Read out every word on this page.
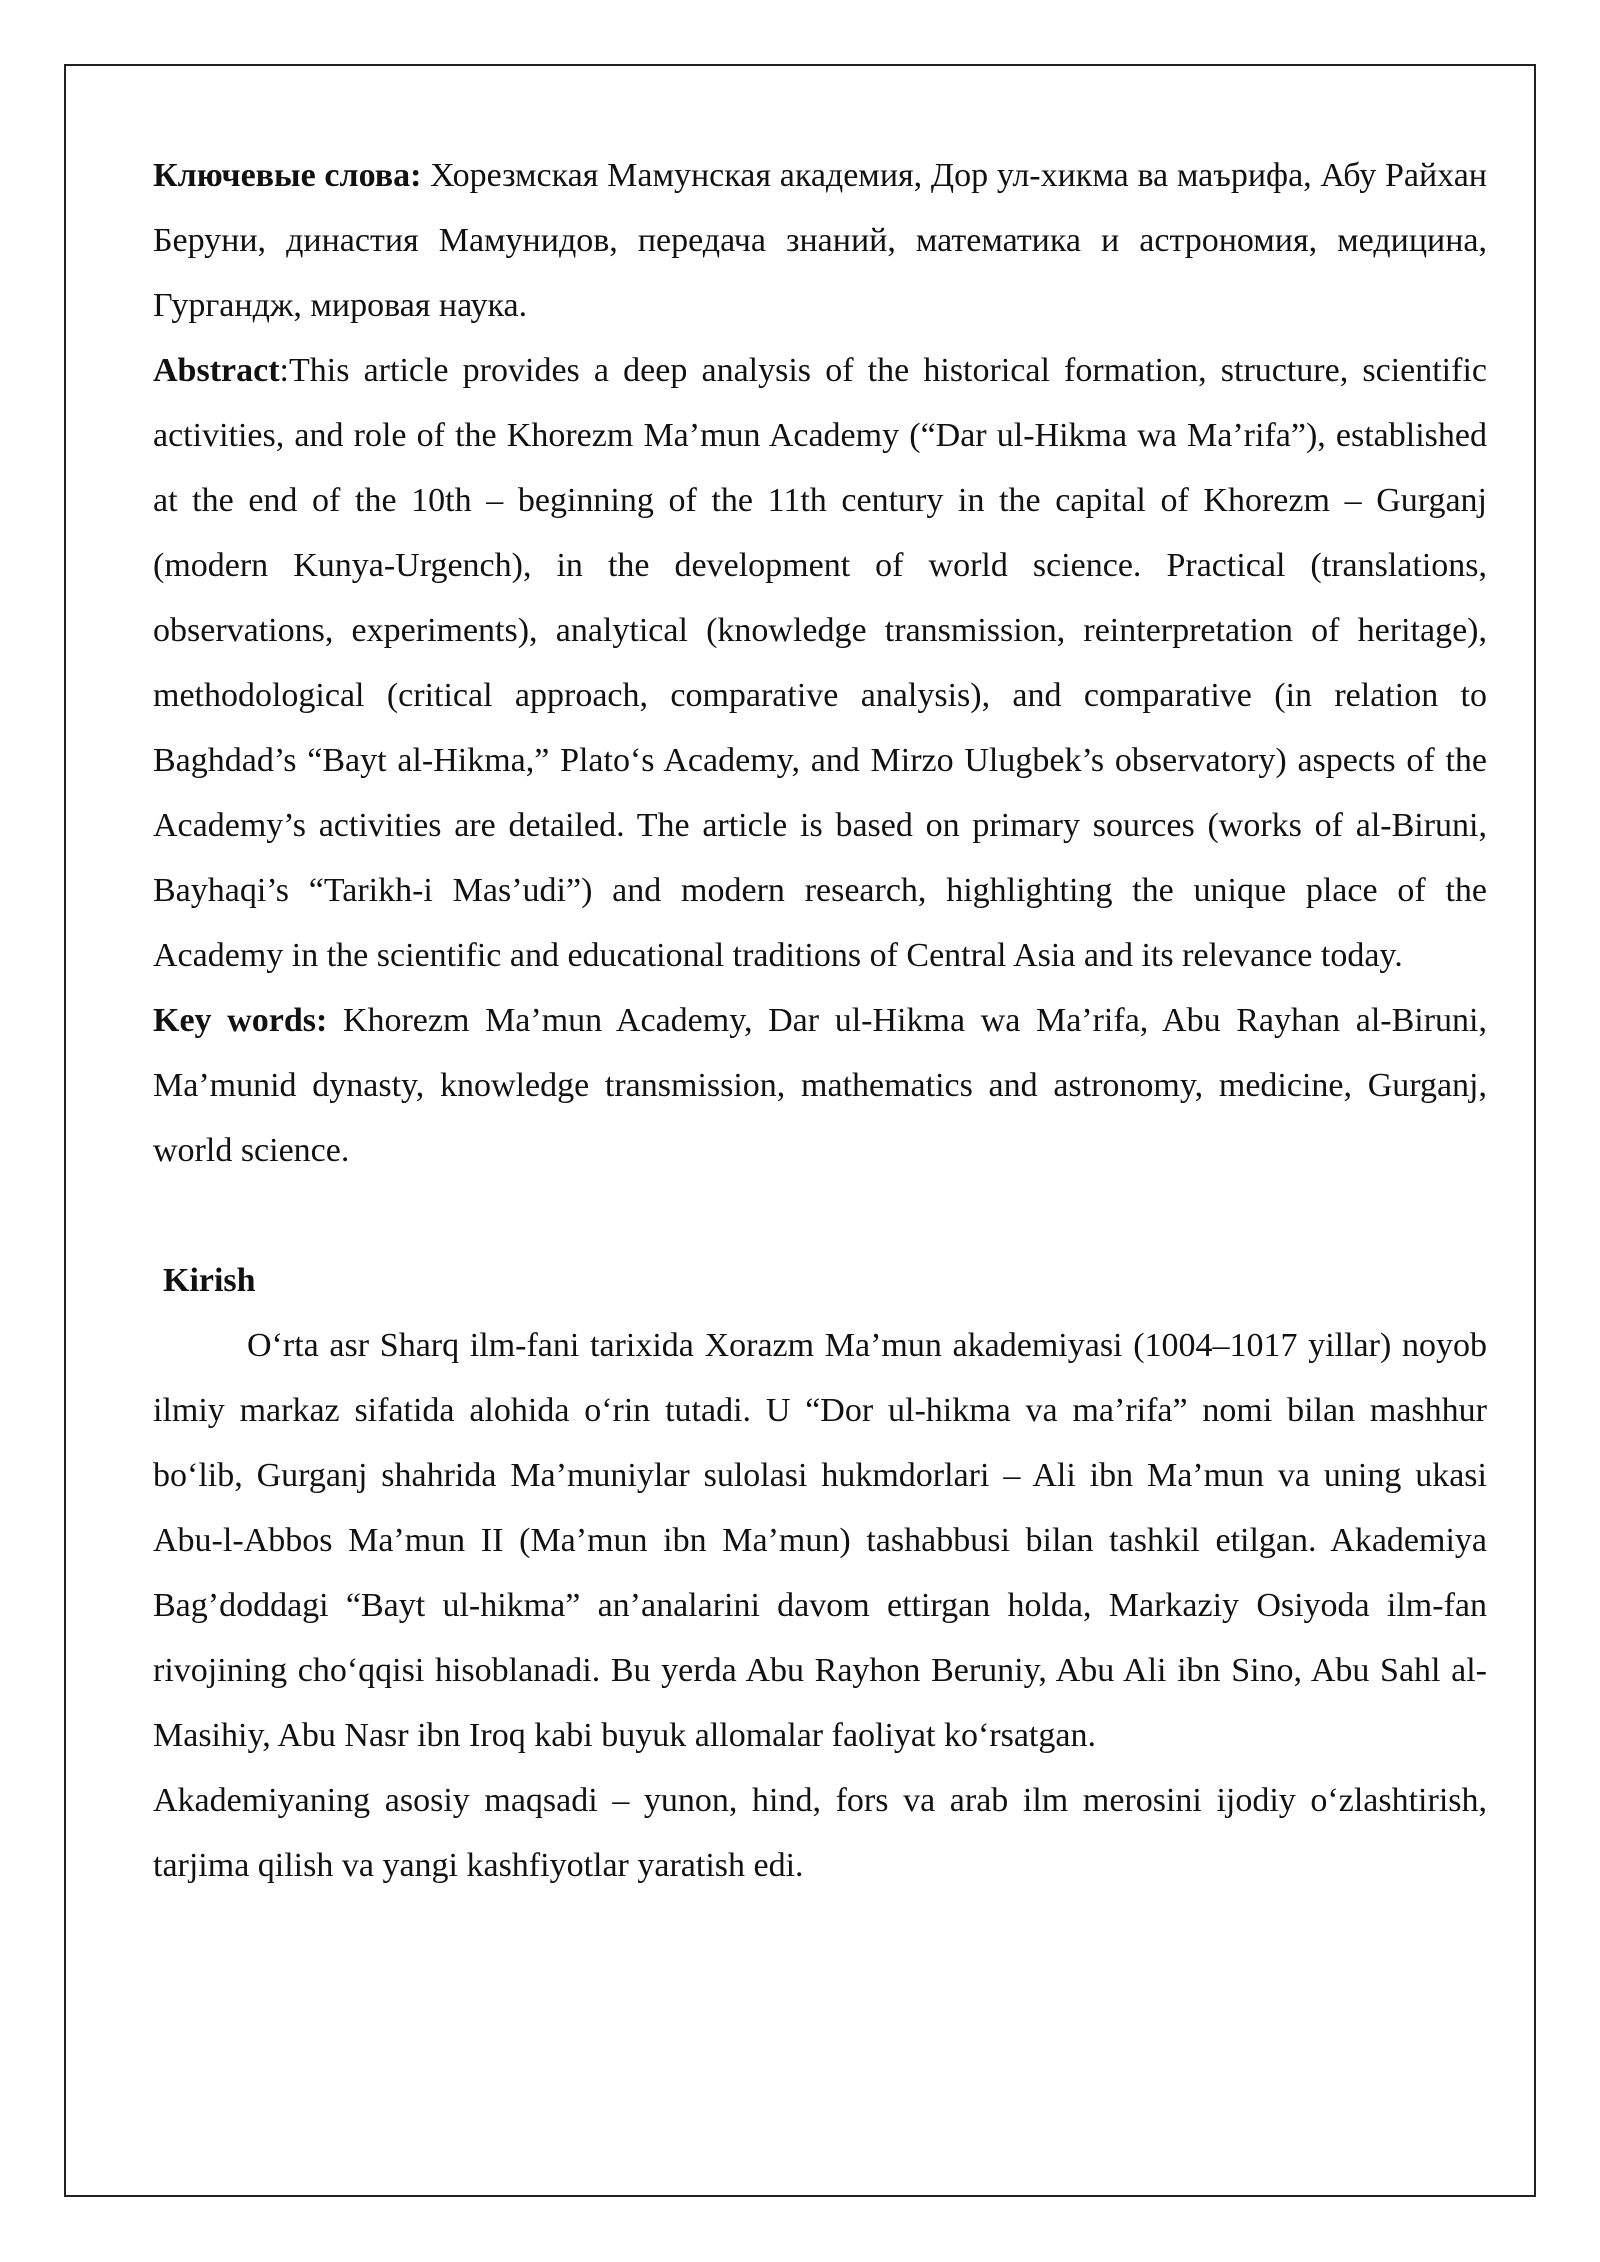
Ключевые слова: Хорезмская Мамунская академия, Дор ул-хикма ва маърифа, Абу Райхан Беруни, династия Мамунидов, передача знаний, математика и астрономия, медицина, Гургандж, мировая наука.

Abstract:This article provides a deep analysis of the historical formation, structure, scientific activities, and role of the Khorezm Ma’mun Academy (“Dar ul-Hikma wa Ma’rifa”), established at the end of the 10th – beginning of the 11th century in the capital of Khorezm – Gurganj (modern Kunya-Urgench), in the development of world science. Practical (translations, observations, experiments), analytical (knowledge transmission, reinterpretation of heritage), methodological (critical approach, comparative analysis), and comparative (in relation to Baghdad’s “Bayt al-Hikma,” Plato‘s Academy, and Mirzo Ulugbek’s observatory) aspects of the Academy’s activities are detailed. The article is based on primary sources (works of al-Biruni, Bayhaqi’s “Tarikh-i Mas’udi”) and modern research, highlighting the unique place of the Academy in the scientific and educational traditions of Central Asia and its relevance today.

Key words: Khorezm Ma’mun Academy, Dar ul-Hikma wa Ma’rifa, Abu Rayhan al-Biruni, Ma’munid dynasty, knowledge transmission, mathematics and astronomy, medicine, Gurganj, world science.

Kirish

O‘rta asr Sharq ilm-fani tarixida Xorazm Ma’mun akademiyasi (1004–1017 yillar) noyob ilmiy markaz sifatida alohida o‘rin tutadi. U “Dor ul-hikma va ma’rifa” nomi bilan mashhur bo‘lib, Gurganj shahrida Ma’muniylar sulolasi hukmdorlari – Ali ibn Ma’mun va uning ukasi Abu-l-Abbos Ma’mun II (Ma’mun ibn Ma’mun) tashabbusi bilan tashkil etilgan. Akademiya Bag’doddagi “Bayt ul-hikma” an’analarini davom ettirgan holda, Markaziy Osiyoda ilm-fan rivojining cho‘qqisi hisoblanadi. Bu yerda Abu Rayhon Beruniy, Abu Ali ibn Sino, Abu Sahl al-Masihiy, Abu Nasr ibn Iroq kabi buyuk allomalar faoliyat ko‘rsatgan.

Akademiyaning asosiy maqsadi – yunon, hind, fors va arab ilm merosini ijodiy o‘zlashtirish, tarjima qilish va yangi kashfiyotlar yaratish edi.
